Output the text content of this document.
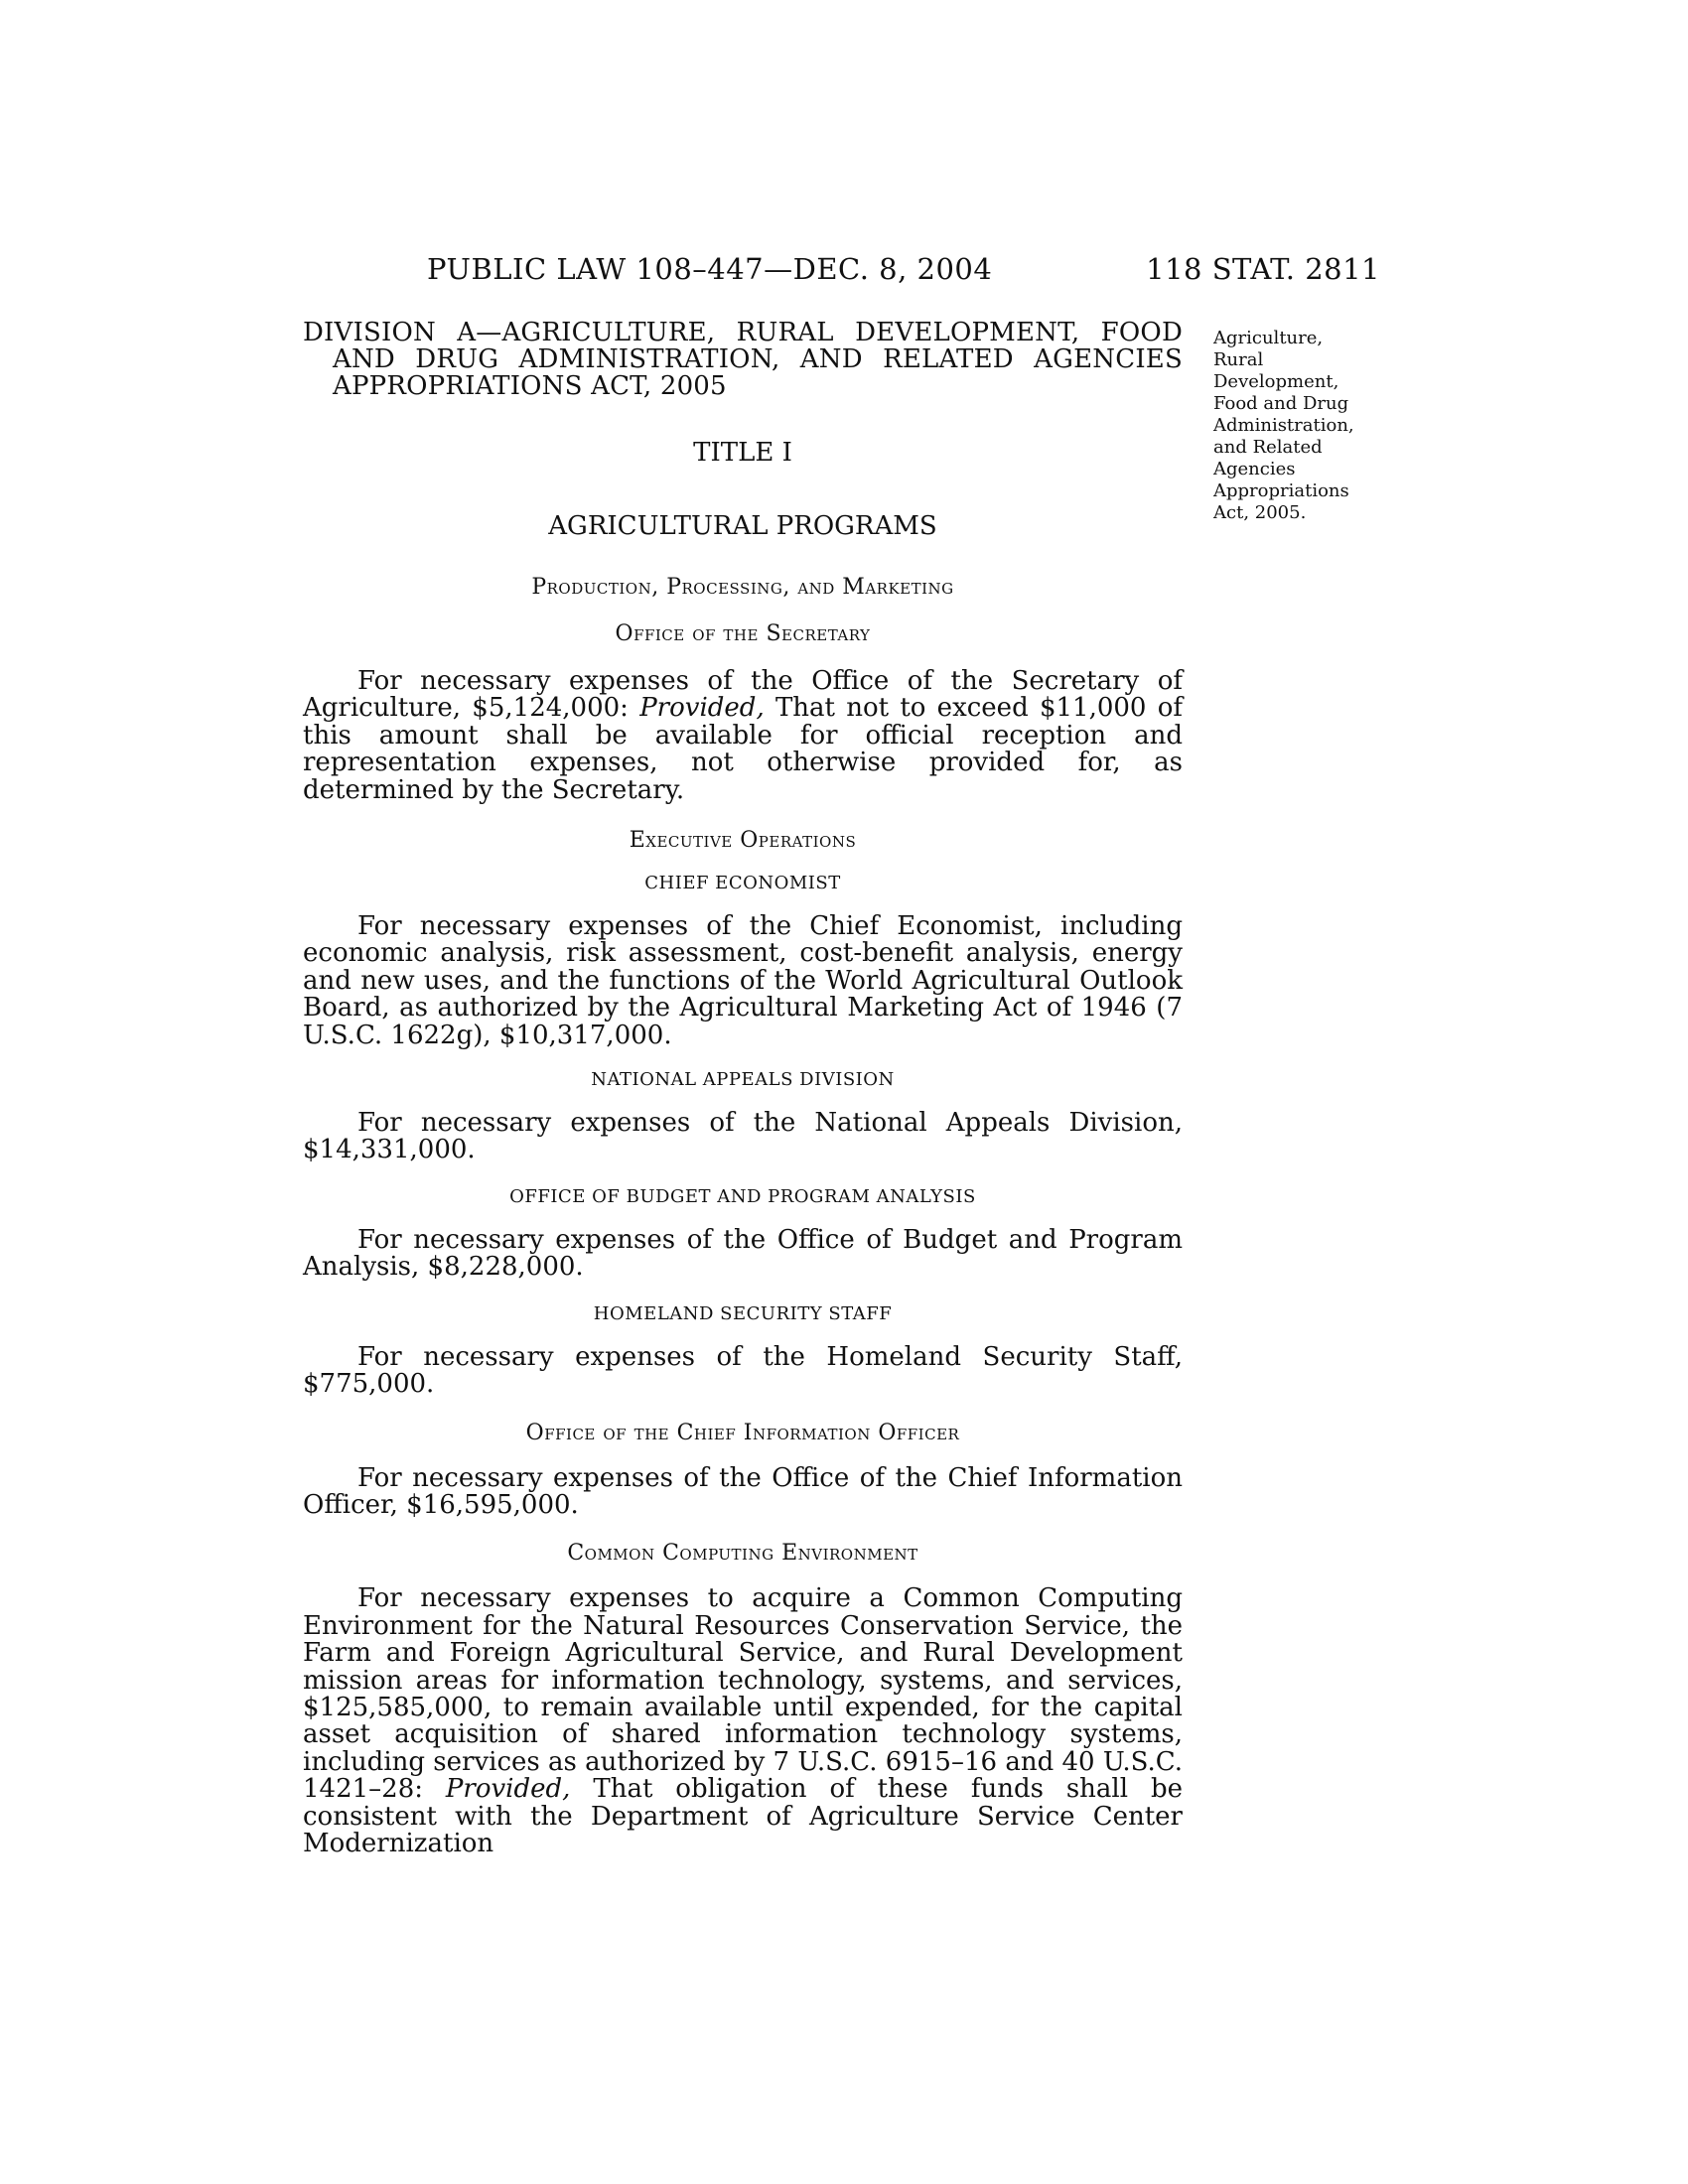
PUBLIC LAW 108–447—DEC. 8, 2004	118 STAT. 2811
Agriculture,
Rural
Development,
Food and Drug
Administration,
and Related
Agencies
Appropriations
Act, 2005.

DIVISION A—AGRICULTURE, RURAL DEVELOPMENT, FOOD AND DRUG ADMINISTRATION, AND RELATED AGENCIES APPROPRIATIONS ACT, 2005

TITLE I

AGRICULTURAL PROGRAMS

Production, Processing, and Marketing

Office of the Secretary

For necessary expenses of the Office of the Secretary of Agriculture, $5,124,000: Provided, That not to exceed $11,000 of this amount shall be available for official reception and representation expenses, not otherwise provided for, as determined by the Secretary.

Executive Operations

CHIEF ECONOMIST

For necessary expenses of the Chief Economist, including economic analysis, risk assessment, cost-benefit analysis, energy and new uses, and the functions of the World Agricultural Outlook Board, as authorized by the Agricultural Marketing Act of 1946 (7 U.S.C. 1622g), $10,317,000.

NATIONAL APPEALS DIVISION

For necessary expenses of the National Appeals Division, $14,331,000.

OFFICE OF BUDGET AND PROGRAM ANALYSIS

For necessary expenses of the Office of Budget and Program Analysis, $8,228,000.

HOMELAND SECURITY STAFF

For necessary expenses of the Homeland Security Staff, $775,000.

Office of the Chief Information Officer

For necessary expenses of the Office of the Chief Information Officer, $16,595,000.

Common Computing Environment

For necessary expenses to acquire a Common Computing Environment for the Natural Resources Conservation Service, the Farm and Foreign Agricultural Service, and Rural Development mission areas for information technology, systems, and services, $125,585,000, to remain available until expended, for the capital asset acquisition of shared information technology systems, including services as authorized by 7 U.S.C. 6915–16 and 40 U.S.C. 1421–28: Provided, That obligation of these funds shall be consistent with the Department of Agriculture Service Center Modernization
